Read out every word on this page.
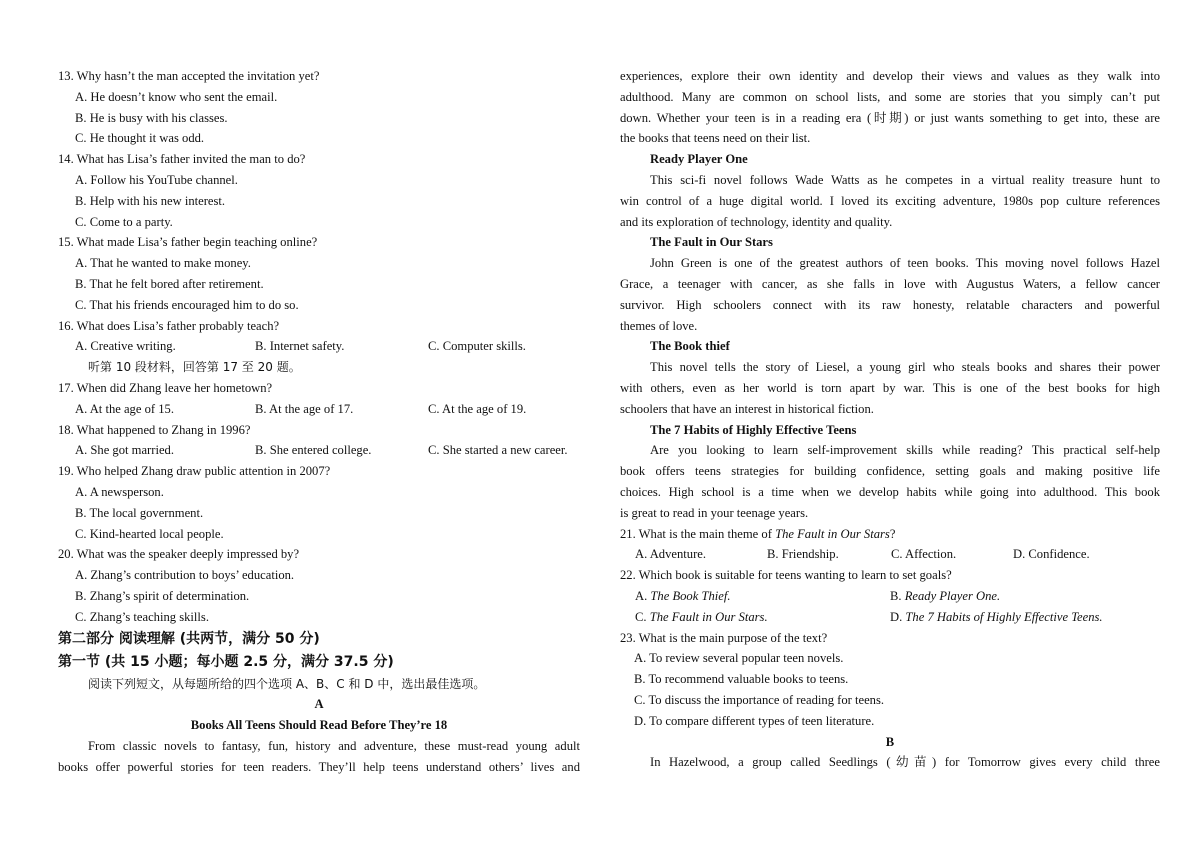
13. Why hasn’t the man accepted the invitation yet?
A. He doesn’t know who sent the email.
B. He is busy with his classes.
C. He thought it was odd.
14. What has Lisa’s father invited the man to do?
A. Follow his YouTube channel.
B. Help with his new interest.
C. Come to a party.
15. What made Lisa’s father begin teaching online?
A. That he wanted to make money.
B. That he felt bored after retirement.
C. That his friends encouraged him to do so.
16. What does Lisa’s father probably teach?
A. Creative writing.	B. Internet safety.	C. Computer skills.
听第 10 段材料，回答第 17 至 20 题。
17. When did Zhang leave her hometown?
A. At the age of 15.	B. At the age of 17.	C. At the age of 19.
18. What happened to Zhang in 1996?
A. She got married.	B. She entered college.	C. She started a new career.
19. Who helped Zhang draw public attention in 2007?
A. A newsperson.
B. The local government.
C. Kind-hearted local people.
20. What was the speaker deeply impressed by?
A. Zhang’s contribution to boys’ education.
B. Zhang’s spirit of determination.
C. Zhang’s teaching skills.
第二部分 阅读理解 (共两节，满分 50 分)
第一节 (共 15 小题；每小题 2.5 分，满分 37.5 分)
阅读下列短文，从每题所给的四个选项 A、B、C 和 D 中，选出最佳选项。
A
Books All Teens Should Read Before They’re 18
From classic novels to fantasy, fun, history and adventure, these must-read young adult
books offer powerful stories for teen readers. They’ll help teens understand others’ lives and
experiences, explore their own identity and develop their views and values as they walk into
adulthood. Many are common on school lists, and some are stories that you simply can’t put
down. Whether your teen is in a reading era (时期) or just wants something to get into, these are
the books that teens need on their list.
Ready Player One
This sci-fi novel follows Wade Watts as he competes in a virtual reality treasure hunt to
win control of a huge digital world. I loved its exciting adventure, 1980s pop culture references
and its exploration of technology, identity and quality.
The Fault in Our Stars
John Green is one of the greatest authors of teen books. This moving novel follows Hazel
Grace, a teenager with cancer, as she falls in love with Augustus Waters, a fellow cancer
survivor. High schoolers connect with its raw honesty, relatable characters and powerful
themes of love.
The Book thief
This novel tells the story of Liesel, a young girl who steals books and shares their power
with others, even as her world is torn apart by war. This is one of the best books for high
schoolers that have an interest in historical fiction.
The 7 Habits of Highly Effective Teens
Are you looking to learn self-improvement skills while reading? This practical self-help
book offers teens strategies for building confidence, setting goals and making positive life
choices. High school is a time when we develop habits while going into adulthood. This book
is great to read in your teenage years.
21. What is the main theme of The Fault in Our Stars?
A. Adventure.	B. Friendship.	C. Affection.	D. Confidence.
22. Which book is suitable for teens wanting to learn to set goals?
A. The Book Thief.	B. Ready Player One.
C. The Fault in Our Stars.	D. The 7 Habits of Highly Effective Teens.
23. What is the main purpose of the text?
A. To review several popular teen novels.
B. To recommend valuable books to teens.
C. To discuss the importance of reading for teens.
D. To compare different types of teen literature.
B
In Hazelwood, a group called Seedlings (幼苗) for Tomorrow gives every child three
